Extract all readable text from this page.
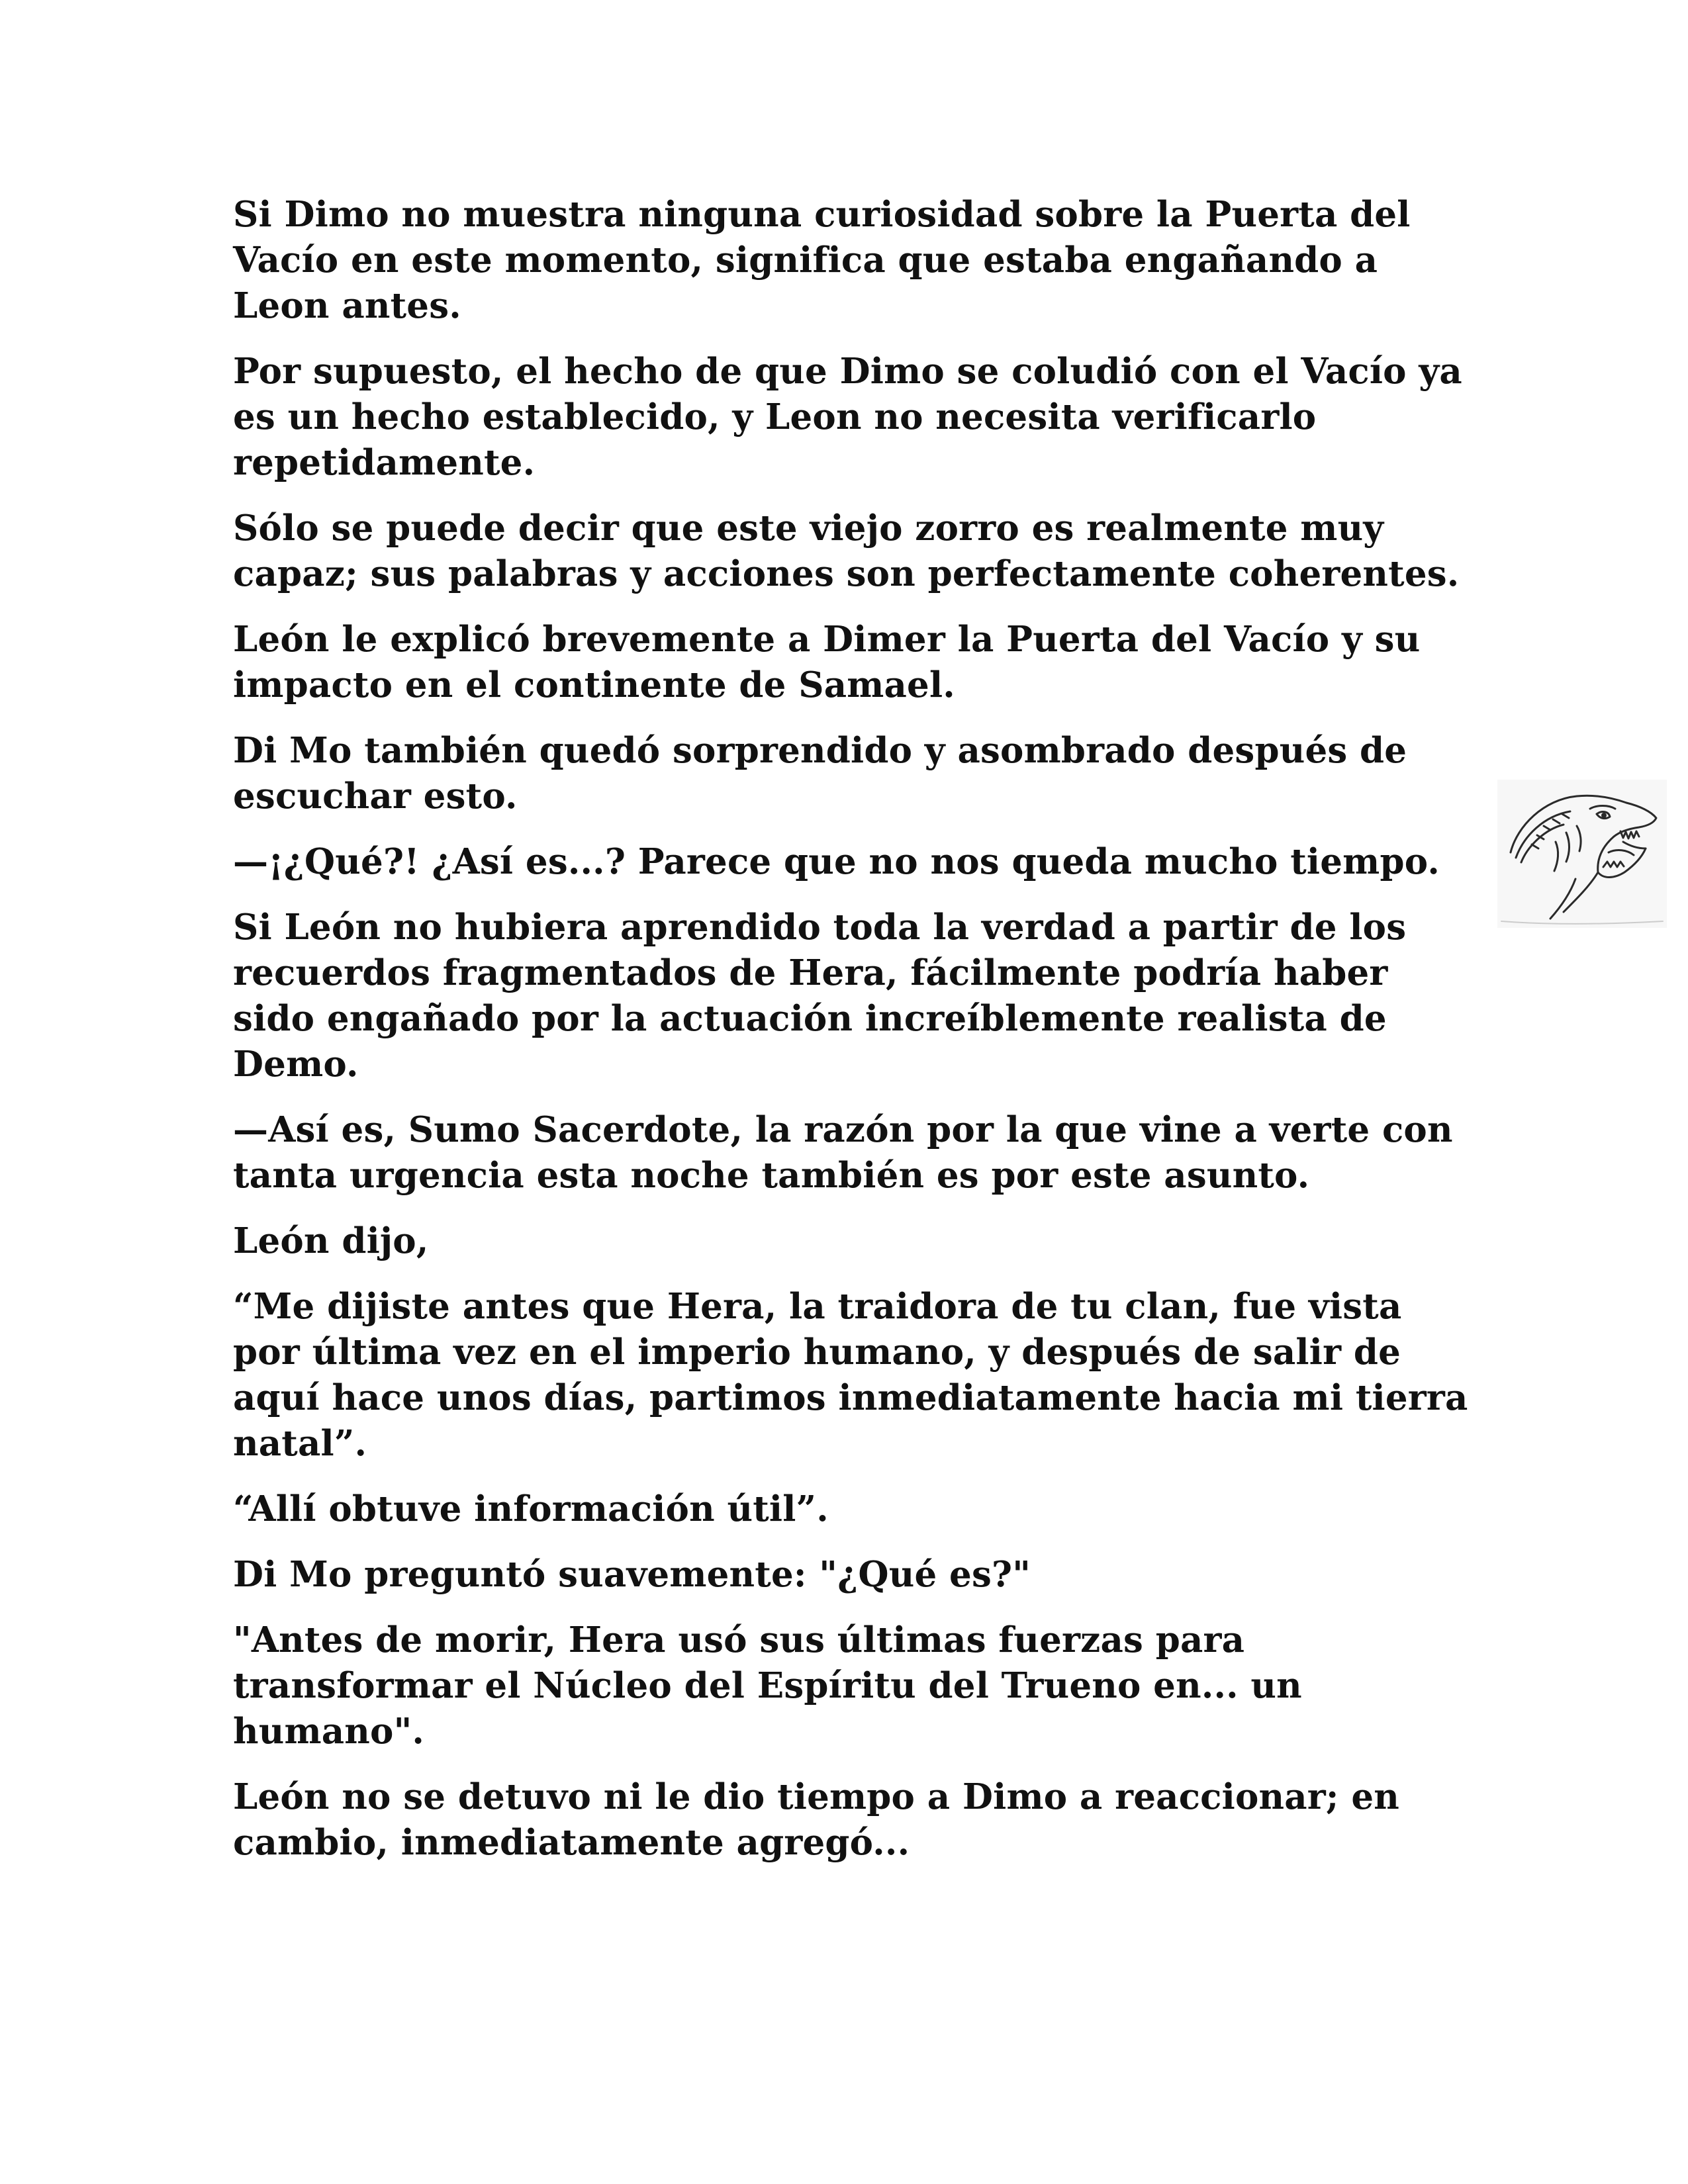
Si Dimo no muestra ninguna curiosidad sobre la Puerta del Vacío en este momento, significa que estaba engañando a Leon antes.

Por supuesto, el hecho de que Dimo se coludió con el Vacío ya es un hecho establecido, y Leon no necesita verificarlo repetidamente.

Sólo se puede decir que este viejo zorro es realmente muy capaz; sus palabras y acciones son perfectamente coherentes.

León le explicó brevemente a Dimer la Puerta del Vacío y su impacto en el continente de Samael.

Di Mo también quedó sorprendido y asombrado después de escuchar esto.

—¡¿Qué?! ¿Así es...? Parece que no nos queda mucho tiempo.

Si León no hubiera aprendido toda la verdad a partir de los recuerdos fragmentados de Hera, fácilmente podría haber sido engañado por la actuación increíblemente realista de Demo.

—Así es, Sumo Sacerdote, la razón por la que vine a verte con tanta urgencia esta noche también es por este asunto.

León dijo,

“Me dijiste antes que Hera, la traidora de tu clan, fue vista por última vez en el imperio humano, y después de salir de aquí hace unos días, partimos inmediatamente hacia mi tierra natal”.

“Allí obtuve información útil”.

Di Mo preguntó suavemente: "¿Qué es?"

"Antes de morir, Hera usó sus últimas fuerzas para transformar el Núcleo del Espíritu del Trueno en... un humano".

León no se detuvo ni le dio tiempo a Dimo a reaccionar; en cambio, inmediatamente agregó...
